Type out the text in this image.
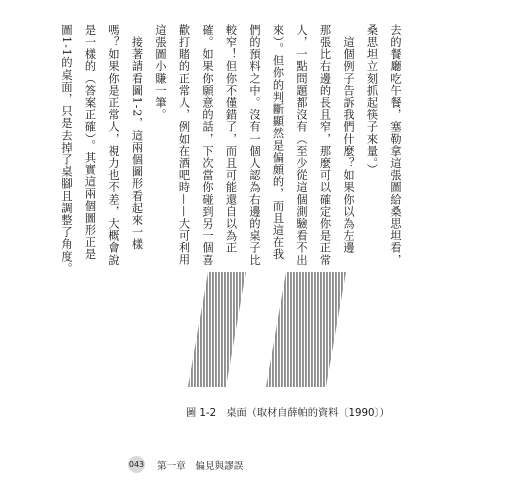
去的餐廳吃午餐，塞勒拿這張圖給桑思坦看，
桑思坦立刻抓起筷子來量。）
　這個例子告訴我們什麼？如果你以為左邊
那張比右邊的長且窄，那麼可以確定你是正常
人，一點問題都沒有（至少從這個測驗看不出
來）。但你的判斷顯然是偏頗的，而且這在我
們的預料之中。沒有一個人認為右邊的桌子比
較窄！但你不僅錯了，而且可能還自以為正
確。如果你願意的話，下次當你碰到另一個喜
歡打賭的正常人，例如在酒吧時——大可利用
這張圖小賺一筆。
　接著請看圖1-2，這兩個圖形看起來一樣
嗎？如果你是正常人，視力也不差，大概會說
是一樣的（答案正確）。其實這兩個圖形正是
圖1-1的桌面，只是去掉了桌腳且調整了角度。
圖 1-2　桌面（取材自薛帕的資料〔1990〕）
043 第一章　偏見與謬誤
